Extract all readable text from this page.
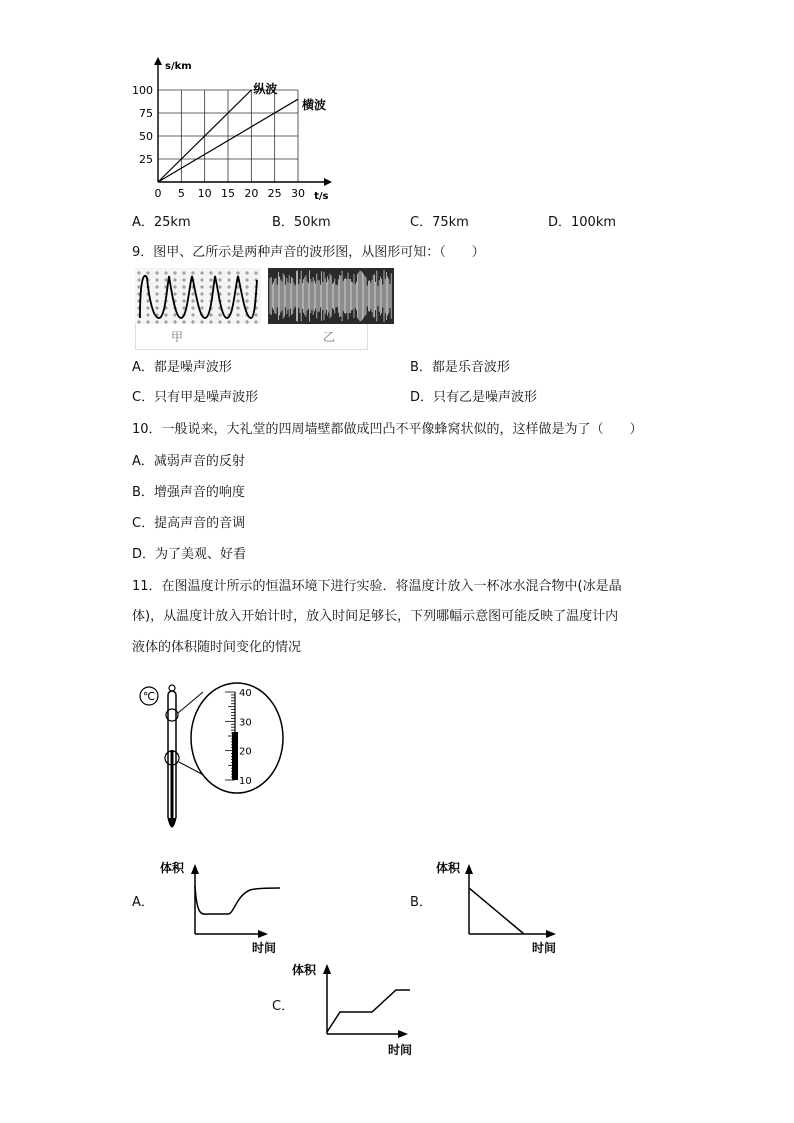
0 5 10 15 20 25 30
25
50
75
100
s/km
t/s
纵波
横波
A．25km	B．50km	C．75km	D．100km
9．图甲、乙所示是两种声音的波形图，从图形可知：（　　）
甲	乙
A．都是噪声波形	B．都是乐音波形
C．只有甲是噪声波形	D．只有乙是噪声波形
10．一般说来，大礼堂的四周墙壁都做成凹凸不平像蜂窝状似的，这样做是为了（　　）
A．减弱声音的反射
B．增强声音的响度
C．提高声音的音调
D．为了美观、好看
11．在图温度计所示的恒温环境下进行实验．将温度计放入一杯冰水混合物中(冰是晶
体)，从温度计放入开始计时，放入时间足够长，下列哪幅示意图可能反映了温度计内
液体的体积随时间变化的情况
℃	40
30
20
10
A．
体积
时间
B．
体积
时间
C．
体积
时间
